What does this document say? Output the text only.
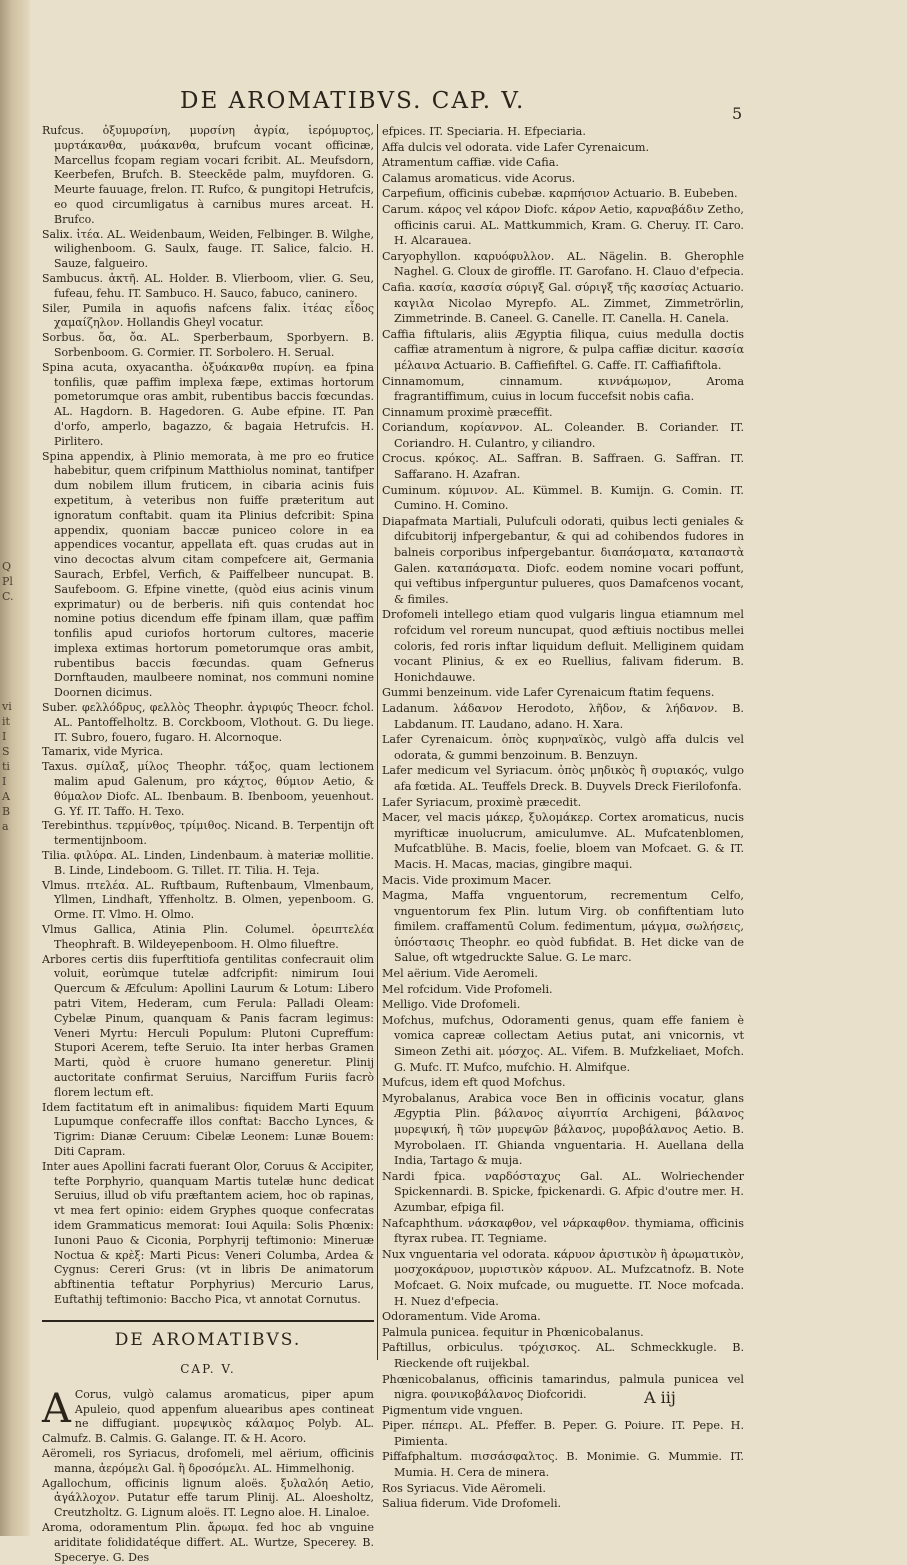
Q
Pl
C.
vi
it
I
S
ti
I
A
B
a
DE AROMATIBVS. CAP. V.	5

Rufcus. ὀξυμυρσίνη, μυρσίνη ἀγρία, ἱερόμυρτος, μυρτάκανθα, μυάκανθα, brufcum vocant officinæ, Marcellus fcopam regiam vocari fcribit. AL. Meufsdorn, Keerbefen, Brufch. B. Steeckēde palm, muyfdoren. G. Meurte fauuage, frelon. IT. Rufco, & pungitopi Hetrufcis, eo quod circumligatus à carnibus mures arceat. H. Brufco.

Salix. ἰτέα. AL. Weidenbaum, Weiden, Felbinger. B. Wilghe, wilighenboom. G. Saulx, fauge. IT. Salice, falcio. H. Sauze, falgueiro.

Sambucus. ἀκτῆ. AL. Holder. B. Vlierboom, vlier. G. Seu, fufeau, fehu. IT. Sambuco. H. Sauco, fabuco, caninero.

Siler, Pumila in aquofis nafcens falix. ἰτέας εἶδος χαμαίζηλον. Hollandis Gheyl vocatur.

Sorbus. ὄα, ὄα. AL. Sperberbaum, Sporbyern. B. Sorbenboom. G. Cormier. IT. Sorbolero. H. Serual.

Spina acuta, oxyacantha. ὀξυάκανθα πυρίνη. ea fpina tonfilis, quæ paffim implexa fæpe, extimas hortorum pometorumque oras ambit, rubentibus baccis fœcundas. AL. Hagdorn. B. Hagedoren. G. Aube efpine. IT. Pan d'orfo, amperlo, bagazzo, & bagaia Hetrufcis. H. Pirlitero.

Spina appendix, à Plinio memorata, à me pro eo frutice habebitur, quem crifpinum Matthiolus nominat, tantifper dum nobilem illum fruticem, in cibaria acinis fuis expetitum, à veteribus non fuiffe præteritum aut ignoratum conftabit. quam ita Plinius defcribit: Spina appendix, quoniam baccæ puniceo colore in ea appendices vocantur, appellata eft. quas crudas aut in vino decoctas alvum citam compefcere ait, Germania Saurach, Erbfel, Verfich, & Paiffelbeer nuncupat. B. Saufeboom. G. Efpine vinette, (quòd eius acinis vinum exprimatur) ou de berberis. nifi quis contendat hoc nomine potius dicendum effe fpinam illam, quæ paffim tonfilis apud curiofos hortorum cultores, macerie implexa extimas hortorum pometorumque oras ambit, rubentibus baccis fœcundas. quam Gefnerus Dornftauden, maulbeere nominat, nos communi nomine Doornen dicimus.

Suber. φελλόδρυς, φελλὸς Theophr. ἀγριφύς Theocr. fchol. AL. Pantoffelholtz. B. Corckboom, Vlothout. G. Du liege. IT. Subro, fouero, fugaro. H. Alcornoque.

Tamarix, vide Myrica.

Taxus. σμίλαξ, μίλος Theophr. τάξος, quam lectionem malim apud Galenum, pro κάχτος, θύμιον Aetio, & θύμαλον Diofc. AL. Ibenbaum. B. Ibenboom, yeuenhout. G. Yf. IT. Taffo. H. Texo.

Terebinthus. τερμίνθος, τρίμιθος. Nicand. B. Terpentijn oft termentijnboom.

Tilia. φιλύρα. AL. Linden, Lindenbaum. à materiæ mollitie. B. Linde, Lindeboom. G. Tillet. IT. Tilia. H. Teja.

Vlmus. πτελέα. AL. Ruftbaum, Ruftenbaum, Vlmenbaum, Yllmen, Lindhaft, Yffenholtz. B. Olmen, yepenboom. G. Orme. IT. Vlmo. H. Olmo.

Vlmus Gallica, Atinia Plin. Columel. ὀρειπτελέα Theophraft. B. Wildeyepenboom. H. Olmo filueftre.

Arbores certis diis fuperftitiofa gentilitas confecrauit olim voluit, eorùmque tutelæ adfcripfit: nimirum Ioui Quercum & Æfculum: Apollini Laurum & Lotum: Libero patri Vitem, Hederam, cum Ferula: Palladi Oleam: Cybelæ Pinum, quanquam & Panis facram legimus: Veneri Myrtu: Herculi Populum: Plutoni Cupreffum: Stupori Acerem, tefte Seruio. Ita inter herbas Gramen Marti, quòd è cruore humano generetur. Plinij auctoritate confirmat Seruius, Narciffum Furiis facrò florem lectum eft.

Idem factitatum eft in animalibus: fiquidem Marti Equum Lupumque confecraffe illos conftat: Baccho Lynces, & Tigrim: Dianæ Ceruum: Cibelæ Leonem: Lunæ Bouem: Diti Capram.

Inter aues Apollini facrati fuerant Olor, Coruus & Accipiter, tefte Porphyrio, quanquam Martis tutelæ hunc dedicat Seruius, illud ob vifu præftantem aciem, hoc ob rapinas, vt mea fert opinio: eidem Gryphes quoque confecratas idem Grammaticus memorat: Ioui Aquila: Solis Phœnix: Iunoni Pauo & Ciconia, Porphyrij teftimonio: Mineruæ Noctua & κρὲξ: Marti Picus: Veneri Columba, Ardea & Cygnus: Cereri Grus: (vt in libris De animatorum abftinentia teftatur Porphyrius) Mercurio Larus, Euftathij teftimonio: Baccho Pica, vt annotat Cornutus.

DE AROMATIBVS.
CAP. V.
A Corus, vulgò calamus aromaticus, piper apum Apuleio, quod appenfum aluearibus apes contineat ne diffugiant. μυρεψικὸς κάλαμος Polyb. AL. Calmufz. B. Calmis. G. Galange. IT. & H. Acoro.

Aëromeli, ros Syriacus, drofomeli, mel aërium, officinis manna, ἀερόμελι Gal. ἢ δροσόμελι. AL. Himmelhonig.

Agallochum, officinis lignum aloës. ξυλαλόη Aetio, ἀγάλλοχον. Putatur effe tarum Plinij. AL. Aloesholtz, Creutzholtz. G. Lignum aloës. IT. Legno aloe. H. Linaloe.

Aroma, odoramentum Plin. ἄρωμα. fed hoc ab vnguine ariditate folididatéque differt. AL. Wurtze, Specerey. B. Specerye. G. Des

efpices. IT. Speciaria. H. Efpeciaria.

Affa dulcis vel odorata. vide Lafer Cyrenaicum.

Atramentum caffiæ. vide Cafia.

Calamus aromaticus. vide Acorus.

Carpefium, officinis cubebæ. καρπήσιον Actuario. B. Eubeben.

Carum. κάρος vel κάρον Diofc. κάρον Aetio, καρναβάδιν Zetho, officinis carui. AL. Mattkummich, Kram. G. Cheruy. IT. Caro. H. Alcarauea.

Caryophyllon. καρυόφυλλον. AL. Nägelin. B. Gherophle Naghel. G. Cloux de giroffle. IT. Garofano. H. Clauo d'efpecia.

Cafia. κασία, κασσία σύριγξ Gal. σύριγξ τῆς κασσίας Actuario. καγιλα Nicolao Myrepfo. AL. Zimmet, Zimmetrörlin, Zimmetrinde. B. Caneel. G. Canelle. IT. Canella. H. Canela.

Caffia fiftularis, aliis Ægyptia filiqua, cuius medulla doctis caffiæ atramentum à nigrore, & pulpa caffiæ dicitur. κασσία μέλαινα Actuario. B. Caffiefiftel. G. Caffe. IT. Caffiafiftola.

Cinnamomum, cinnamum. κιννάμωμον, Aroma fragrantiffimum, cuius in locum fuccefsit nobis cafia.

Cinnamum proximè præceffit.

Coriandum, κορίαννον. AL. Coleander. B. Coriander. IT. Coriandro. H. Culantro, y ciliandro.

Crocus. κρόκος. AL. Saffran. B. Saffraen. G. Saffran. IT. Saffarano. H. Azafran.

Cuminum. κύμινον. AL. Kümmel. B. Kumijn. G. Comin. IT. Cumino. H. Comino.

Diapafmata Martiali, Pulufculi odorati, quibus lecti geniales & difcubitorij infpergebantur, & qui ad cohibendos fudores in balneis corporibus infpergebantur. διαπάσματα, καταπαστὰ Galen. καταπάσματα. Diofc. eodem nomine vocari poffunt, qui veftibus infperguntur pulueres, quos Damafcenos vocant, & fimiles.

Drofomeli intellego etiam quod vulgaris lingua etiamnum mel rofcidum vel roreum nuncupat, quod æftiuis noctibus mellei coloris, fed roris inftar liquidum defluit. Melliginem quidam vocant Plinius, & ex eo Ruellius, falivam fiderum. B. Honichdauwe.

Gummi benzeinum. vide Lafer Cyrenaicum ftatim fequens.

Ladanum. λάδανον Herodoto, λῆδον, & λήδανον. B. Labdanum. IT. Laudano, adano. H. Xara.

Lafer Cyrenaicum. ὀπὸς κυρηναϊκὸς, vulgò affa dulcis vel odorata, & gummi benzoinum. B. Benzuyn.

Lafer medicum vel Syriacum. ὀπὸς μηδικὸς ἢ συριακός, vulgo afa fœtida. AL. Teuffels Dreck. B. Duyvels Dreck Fierilofonfa.

Lafer Syriacum, proximè præcedit.

Macer, vel macis μάκερ, ξυλομάκερ. Cortex aromaticus, nucis myrifticæ inuolucrum, amiculumve. AL. Mufcatenblomen, Mufcatblühe. B. Macis, foelie, bloem van Mofcaet. G. & IT. Macis. H. Macas, macias, gingibre maqui.

Macis. Vide proximum Macer.

Magma, Maffa vnguentorum, recrementum Celfo, vnguentorum fex Plin. lutum Virg. ob confiftentiam luto fimilem. craffamentū Colum. fedimentum, μάγμα, σωλήσεις, ὑπόστασις Theophr. eo quòd fubfidat. B. Het dicke van de Salue, oft wtgedruckte Salue. G. Le marc.

Mel aërium. Vide Aeromeli.

Mel rofcidum. Vide Profomeli.

Melligo. Vide Drofomeli.

Mofchus, mufchus, Odoramenti genus, quam effe faniem è vomica capreæ collectam Aetius putat, ani vnicornis, vt Simeon Zethi ait. μόσχος. AL. Vifem. B. Mufzkeliaet, Mofch. G. Mufc. IT. Mufco, mufchio. H. Almifque.

Mufcus, idem eft quod Mofchus.

Myrobalanus, Arabica voce Ben in officinis vocatur, glans Ægyptia Plin. βάλανος αἰγυπτία Archigeni, βάλανος μυρεψική, ἢ τῶν μυρεψῶν βάλανος, μυροβάλανος Aetio. B. Myrobolaen. IT. Ghianda vnguentaria. H. Auellana della India, Tartago & muja.

Nardi fpica. ναρδόσταχυς Gal. AL. Wolriechender Spickennardi. B. Spicke, fpickenardi. G. Afpic d'outre mer. H. Azumbar, efpiga fil.

Nafcaphthum. νάσκαφθον, vel νάρκαφθον. thymiama, officinis ftyrax rubea. IT. Tegniame.

Nux vnguentaria vel odorata. κάρυον ἀριστικὸν ἢ ἀρωματικὸν, μοσχοκάρυον, μυριστικὸν κάρυον. AL. Mufzcatnofz. B. Note Mofcaet. G. Noix mufcade, ou muguette. IT. Noce mofcada. H. Nuez d'efpecia.

Odoramentum. Vide Aroma.

Palmula punicea. fequitur in Phœnicobalanus.

Paftillus, orbiculus. τρόχισκος. AL. Schmeckkugle. B. Rieckende oft ruijekbal.

Phœnicobalanus, officinis tamarindus, palmula punicea vel nigra. φοινικοβάλανος Diofcoridi.

Pigmentum vide vnguen.

Piper. πέπερι. AL. Pfeffer. B. Peper. G. Poiure. IT. Pepe. H. Pimienta.

Piffafphaltum. πισσάσφαλτος. B. Monimie. G. Mummie. IT. Mumia. H. Cera de minera.

Ros Syriacus. Vide Aëromeli.

Saliua fiderum. Vide Drofomeli.

A iij
